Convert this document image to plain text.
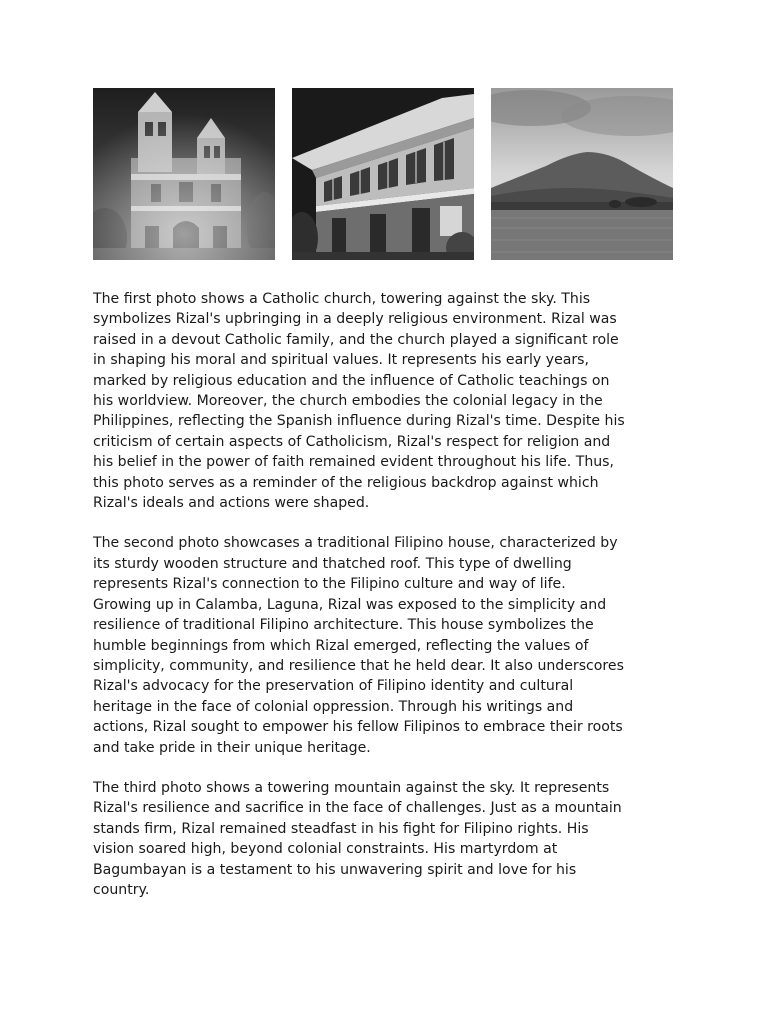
The first photo shows a Catholic church, towering against the sky. This
symbolizes Rizal's upbringing in a deeply religious environment. Rizal was
raised in a devout Catholic family, and the church played a significant role
in shaping his moral and spiritual values. It represents his early years,
marked by religious education and the influence of Catholic teachings on
his worldview. Moreover, the church embodies the colonial legacy in the
Philippines, reflecting the Spanish influence during Rizal's time. Despite his
criticism of certain aspects of Catholicism, Rizal's respect for religion and
his belief in the power of faith remained evident throughout his life. Thus,
this photo serves as a reminder of the religious backdrop against which
Rizal's ideals and actions were shaped.

The second photo showcases a traditional Filipino house, characterized by
its sturdy wooden structure and thatched roof. This type of dwelling
represents Rizal's connection to the Filipino culture and way of life.
Growing up in Calamba, Laguna, Rizal was exposed to the simplicity and
resilience of traditional Filipino architecture. This house symbolizes the
humble beginnings from which Rizal emerged, reflecting the values of
simplicity, community, and resilience that he held dear. It also underscores
Rizal's advocacy for the preservation of Filipino identity and cultural
heritage in the face of colonial oppression. Through his writings and
actions, Rizal sought to empower his fellow Filipinos to embrace their roots
and take pride in their unique heritage.

The third photo shows a towering mountain against the sky. It represents
Rizal's resilience and sacrifice in the face of challenges. Just as a mountain
stands firm, Rizal remained steadfast in his fight for Filipino rights. His
vision soared high, beyond colonial constraints. His martyrdom at
Bagumbayan is a testament to his unwavering spirit and love for his
country.
